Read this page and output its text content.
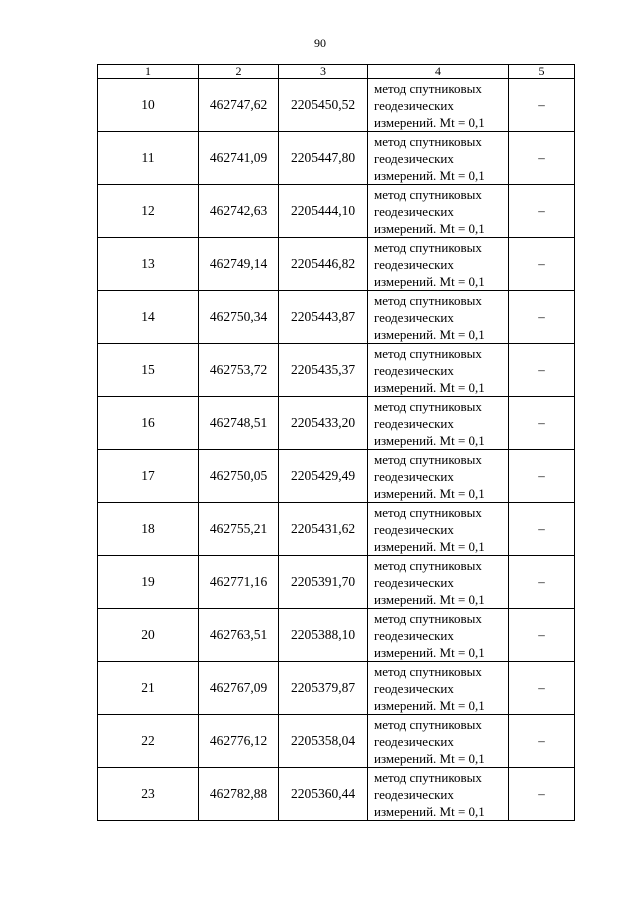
90
1	2	3	4	5
10	462747,62	2205450,52	метод спутниковых
геодезических
измерений. Mt = 0,1	–
11	462741,09	2205447,80	метод спутниковых
геодезических
измерений. Mt = 0,1	–
12	462742,63	2205444,10	метод спутниковых
геодезических
измерений. Mt = 0,1	–
13	462749,14	2205446,82	метод спутниковых
геодезических
измерений. Mt = 0,1	–
14	462750,34	2205443,87	метод спутниковых
геодезических
измерений. Mt = 0,1	–
15	462753,72	2205435,37	метод спутниковых
геодезических
измерений. Mt = 0,1	–
16	462748,51	2205433,20	метод спутниковых
геодезических
измерений. Mt = 0,1	–
17	462750,05	2205429,49	метод спутниковых
геодезических
измерений. Mt = 0,1	–
18	462755,21	2205431,62	метод спутниковых
геодезических
измерений. Mt = 0,1	–
19	462771,16	2205391,70	метод спутниковых
геодезических
измерений. Mt = 0,1	–
20	462763,51	2205388,10	метод спутниковых
геодезических
измерений. Mt = 0,1	–
21	462767,09	2205379,87	метод спутниковых
геодезических
измерений. Mt = 0,1	–
22	462776,12	2205358,04	метод спутниковых
геодезических
измерений. Mt = 0,1	–
23	462782,88	2205360,44	метод спутниковых
геодезических
измерений. Mt = 0,1	–
